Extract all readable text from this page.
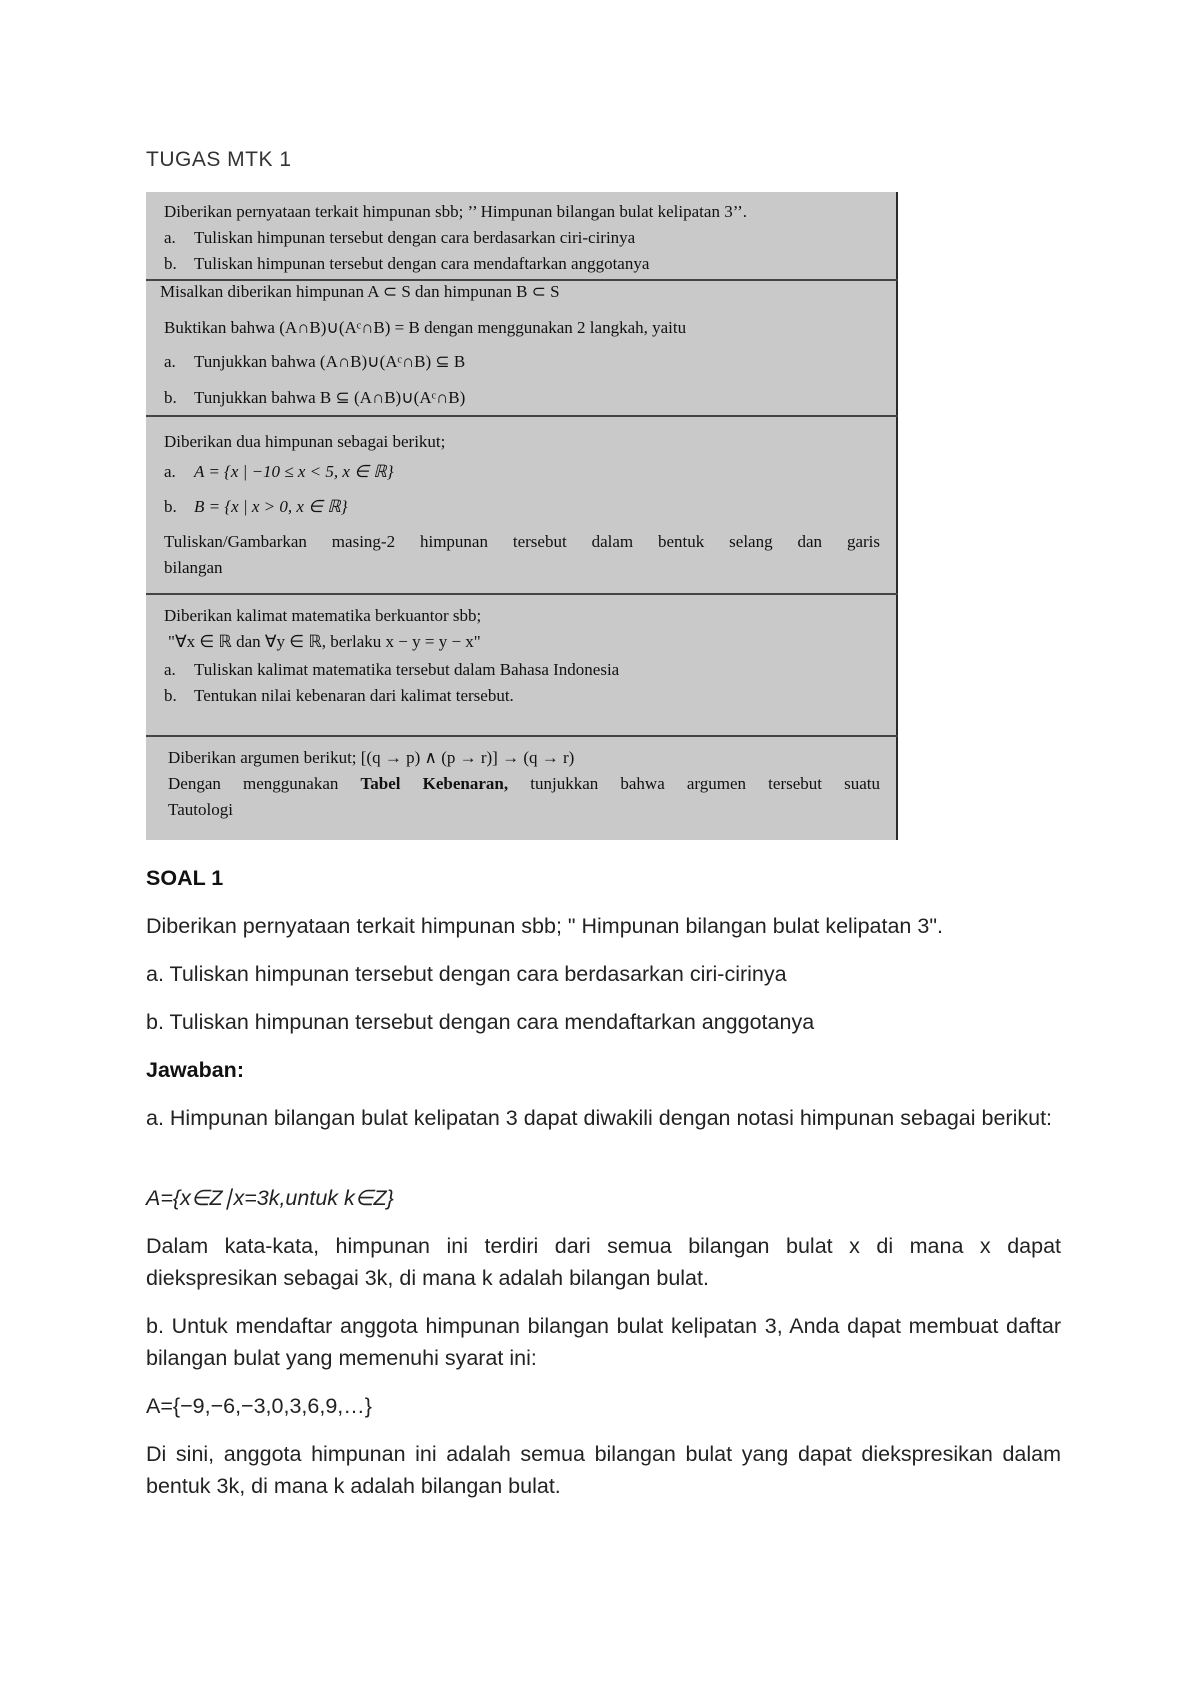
TUGAS MTK 1
Diberikan pernyataan terkait himpunan sbb; ’’ Himpunan bilangan bulat kelipatan 3’’.
a. Tuliskan himpunan tersebut dengan cara berdasarkan ciri-cirinya
b. Tuliskan himpunan tersebut dengan cara mendaftarkan anggotanya
Misalkan diberikan himpunan A ⊂ S dan himpunan B ⊂ S
Buktikan bahwa (A∩B)∪(Aᶜ∩B) = B dengan menggunakan 2 langkah, yaitu
a. Tunjukkan bahwa (A∩B)∪(Aᶜ∩B) ⊆ B
b. Tunjukkan bahwa B ⊆ (A∩B)∪(Aᶜ∩B)
Diberikan dua himpunan sebagai berikut;
a. A = {x | −10 ≤ x < 5, x ∈ ℝ}
b. B = {x | x > 0, x ∈ ℝ}
Tuliskan/Gambarkan masing-2 himpunan tersebut dalam bentuk selang dan garis
bilangan
Diberikan kalimat matematika berkuantor sbb;
"∀x ∈ ℝ dan ∀y ∈ ℝ, berlaku x − y = y − x"
a. Tuliskan kalimat matematika tersebut dalam Bahasa Indonesia
b. Tentukan nilai kebenaran dari kalimat tersebut.
Diberikan argumen berikut; [(q → p) ∧ (p → r)] → (q → r)
Dengan menggunakan Tabel Kebenaran, tunjukkan bahwa argumen tersebut suatu
Tautologi
SOAL 1
Diberikan pernyataan terkait himpunan sbb; " Himpunan bilangan bulat kelipatan 3".
a. Tuliskan himpunan tersebut dengan cara berdasarkan ciri-cirinya
b. Tuliskan himpunan tersebut dengan cara mendaftarkan anggotanya
Jawaban:
a. Himpunan bilangan bulat kelipatan 3 dapat diwakili dengan notasi himpunan sebagai berikut:
A={x∈Z∣x=3k,untuk k∈Z}
Dalam kata-kata, himpunan ini terdiri dari semua bilangan bulat x di mana x dapat diekspresikan sebagai 3k, di mana k adalah bilangan bulat.
b. Untuk mendaftar anggota himpunan bilangan bulat kelipatan 3, Anda dapat membuat daftar bilangan bulat yang memenuhi syarat ini:
A={−9,−6,−3,0,3,6,9,…}
Di sini, anggota himpunan ini adalah semua bilangan bulat yang dapat diekspresikan dalam bentuk 3k, di mana k adalah bilangan bulat.
